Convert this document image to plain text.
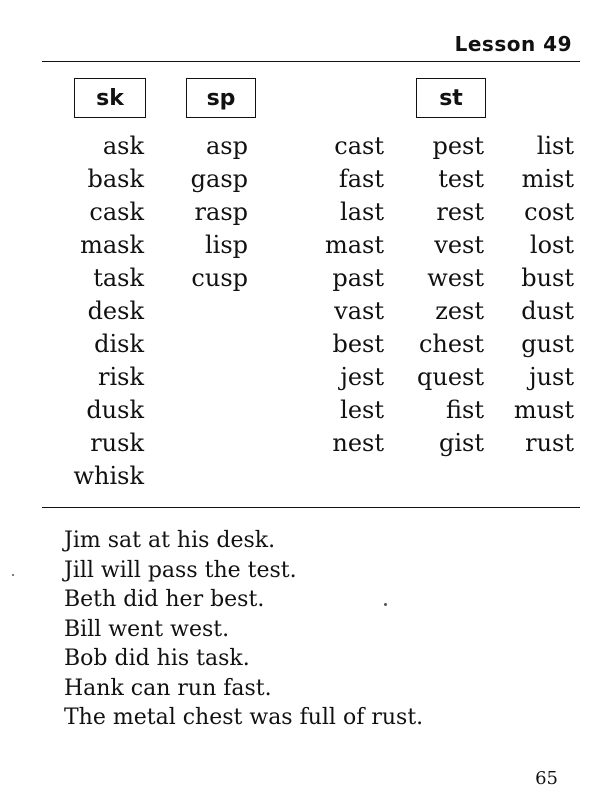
Lesson 49
sk	sp	st
ask
bask
cask
mask
task
desk
disk
risk
dusk
rusk
whisk
asp
gasp
rasp
lisp
cusp
cast
fast
last
mast
past
vast
best
jest
lest
nest
pest
test
rest
vest
west
zest
chest
quest
fist
gist
list
mist
cost
lost
bust
dust
gust
just
must
rust
Jim sat at his desk.
Jill will pass the test.
Beth did her best.
Bill went west.
Bob did his task.
Hank can run fast.
The metal chest was full of rust.
65
